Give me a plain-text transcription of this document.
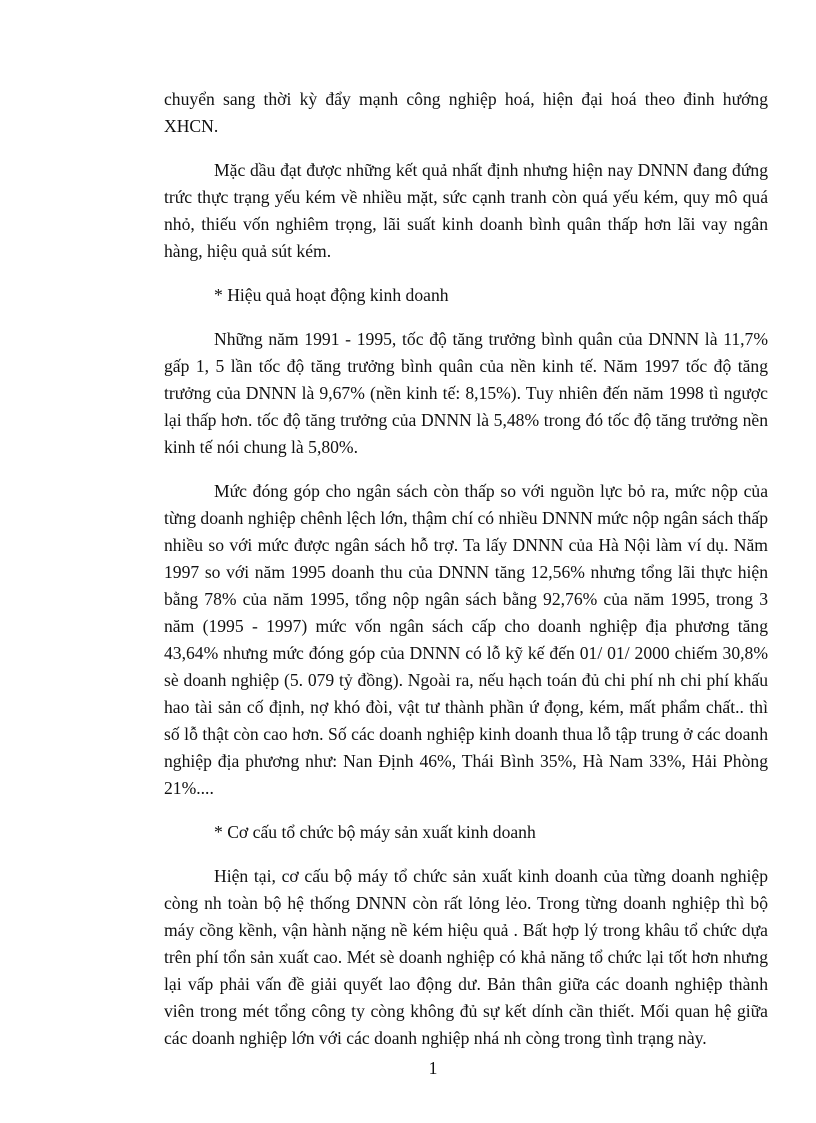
chuyển sang thời kỳ đẩy mạnh công nghiệp hoá, hiện đại hoá theo đinh hướng XHCN.

Mặc dầu đạt được những kết quả nhất định nhưng hiện nay DNNN đang đứng trức thực trạng yếu kém về nhiều mặt, sức cạnh tranh còn quá yếu kém, quy mô quá nhỏ, thiếu vốn nghiêm trọng, lãi suất kinh doanh bình quân thấp hơn lãi vay ngân hàng, hiệu quả sút kém.

* Hiệu quả hoạt động kinh doanh

Những năm 1991 - 1995, tốc độ tăng trưởng bình quân của DNNN là 11,7% gấp 1, 5 lần tốc độ tăng trưởng bình quân của nền kinh tế. Năm 1997 tốc độ tăng trưởng của DNNN là 9,67% (nền kinh tế: 8,15%). Tuy nhiên đến năm 1998 tì ngược lại thấp hơn. tốc độ tăng trưởng của DNNN là 5,48% trong đó tốc độ tăng trưởng nền kinh tế nói chung là 5,80%.

Mức đóng góp cho ngân sách còn thấp so với nguồn lực bỏ ra, mức nộp của từng doanh nghiệp chênh lệch lớn, thậm chí có nhiều DNNN mức nộp ngân sách thấp nhiều so với mức được ngân sách hỗ trợ. Ta lấy DNNN của Hà Nội làm ví dụ. Năm 1997 so với năm 1995 doanh thu của DNNN tăng 12,56% nhưng tổng lãi thực hiện bằng 78% của năm 1995, tổng nộp ngân sách bằng 92,76% của năm 1995, trong 3 năm (1995 - 1997) mức vốn ngân sách cấp cho doanh nghiệp địa phương tăng 43,64% nhưng mức đóng góp của DNNN có lỗ kỹ kế đến 01/ 01/ 2000 chiếm 30,8% sè doanh nghiệp (5. 079 tỷ đồng). Ngoài ra, nếu hạch toán đủ chi phí nh chi phí khấu hao tài sản cố định, nợ khó đòi, vật tư thành phần ứ đọng, kém, mất phẩm chất.. thì số lỗ thật còn cao hơn. Số các doanh nghiệp kinh doanh thua lỗ tập trung ở các doanh nghiệp địa phương như: Nan Định 46%, Thái Bình 35%, Hà Nam 33%, Hải Phòng 21%....

* Cơ cấu tổ chức bộ máy sản xuất kinh doanh

Hiện tại, cơ cấu bộ máy tổ chức sản xuất kinh doanh của từng doanh nghiệp còng nh toàn bộ hệ thống DNNN còn rất lỏng lẻo. Trong từng doanh nghiệp thì bộ máy cồng kềnh, vận hành nặng nề kém hiệu quả . Bất hợp lý trong khâu tổ chức dựa trên phí tổn sản xuất cao. Mét sè doanh nghiệp có khả năng tổ chức lại tốt hơn nhưng lại vấp phải vấn đề giải quyết lao động dư. Bản thân giữa các doanh nghiệp thành viên trong mét tổng công ty còng không đủ sự kết dính cần thiết. Mối quan hệ giữa các doanh nghiệp lớn với các doanh nghiệp nhá nh còng trong tình trạng này.

1
